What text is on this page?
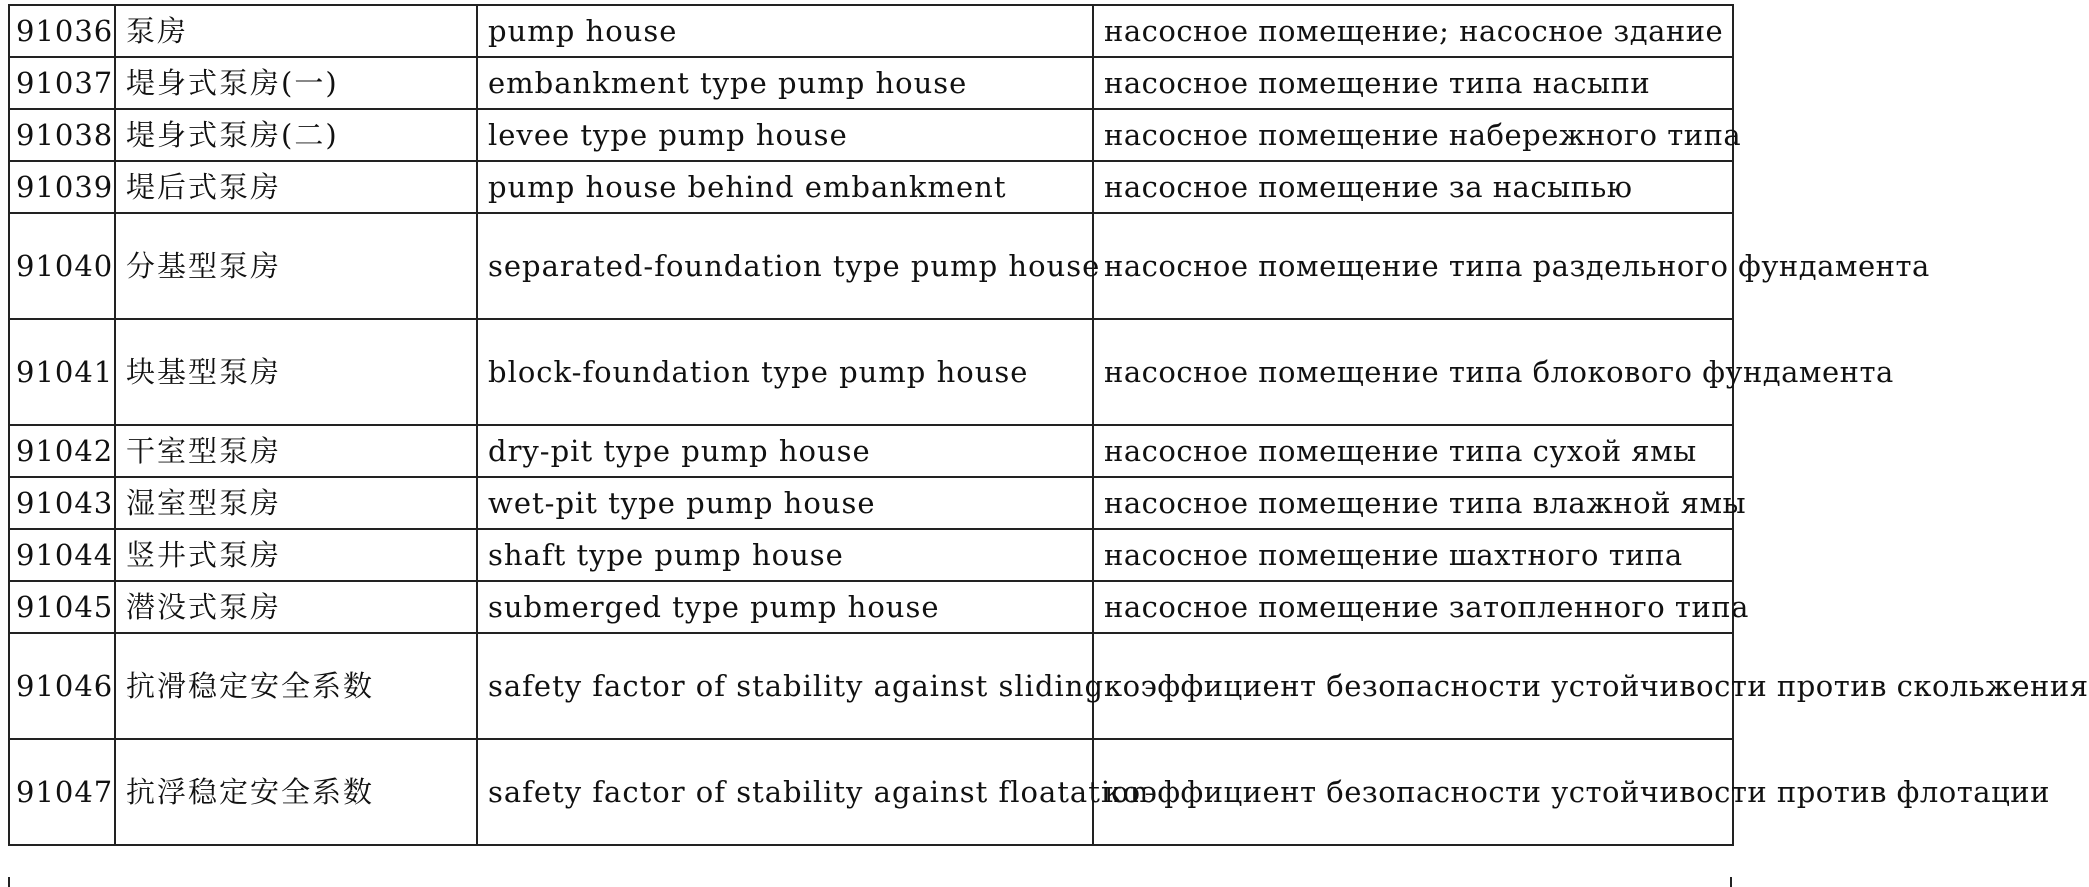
91036	泵房	pump house	насосное помещение; насосное здание
91037	堤身式泵房(一)	embankment type pump house	насосное помещение типа насыпи
91038	堤身式泵房(二)	levee type pump house	насосное помещение набережного типа
91039	堤后式泵房	pump house behind embankment	насосное помещение за насыпью
91040	分基型泵房	separated-foundation type pump house	насосное помещение типа раздельного фундамента
91041	块基型泵房	block-foundation type pump house	насосное помещение типа блокового фундамента
91042	干室型泵房	dry-pit type pump house	насосное помещение типа сухой ямы
91043	湿室型泵房	wet-pit type pump house	насосное помещение типа влажной ямы
91044	竖井式泵房	shaft type pump house	насосное помещение шахтного типа
91045	潜没式泵房	submerged type pump house	насосное помещение затопленного типа
91046	抗滑稳定安全系数	safety factor of stability against sliding	коэффициент безопасности устойчивости против скольжения
91047	抗浮稳定安全系数	safety factor of stability against floatation	коэффициент безопасности устойчивости против флотации
